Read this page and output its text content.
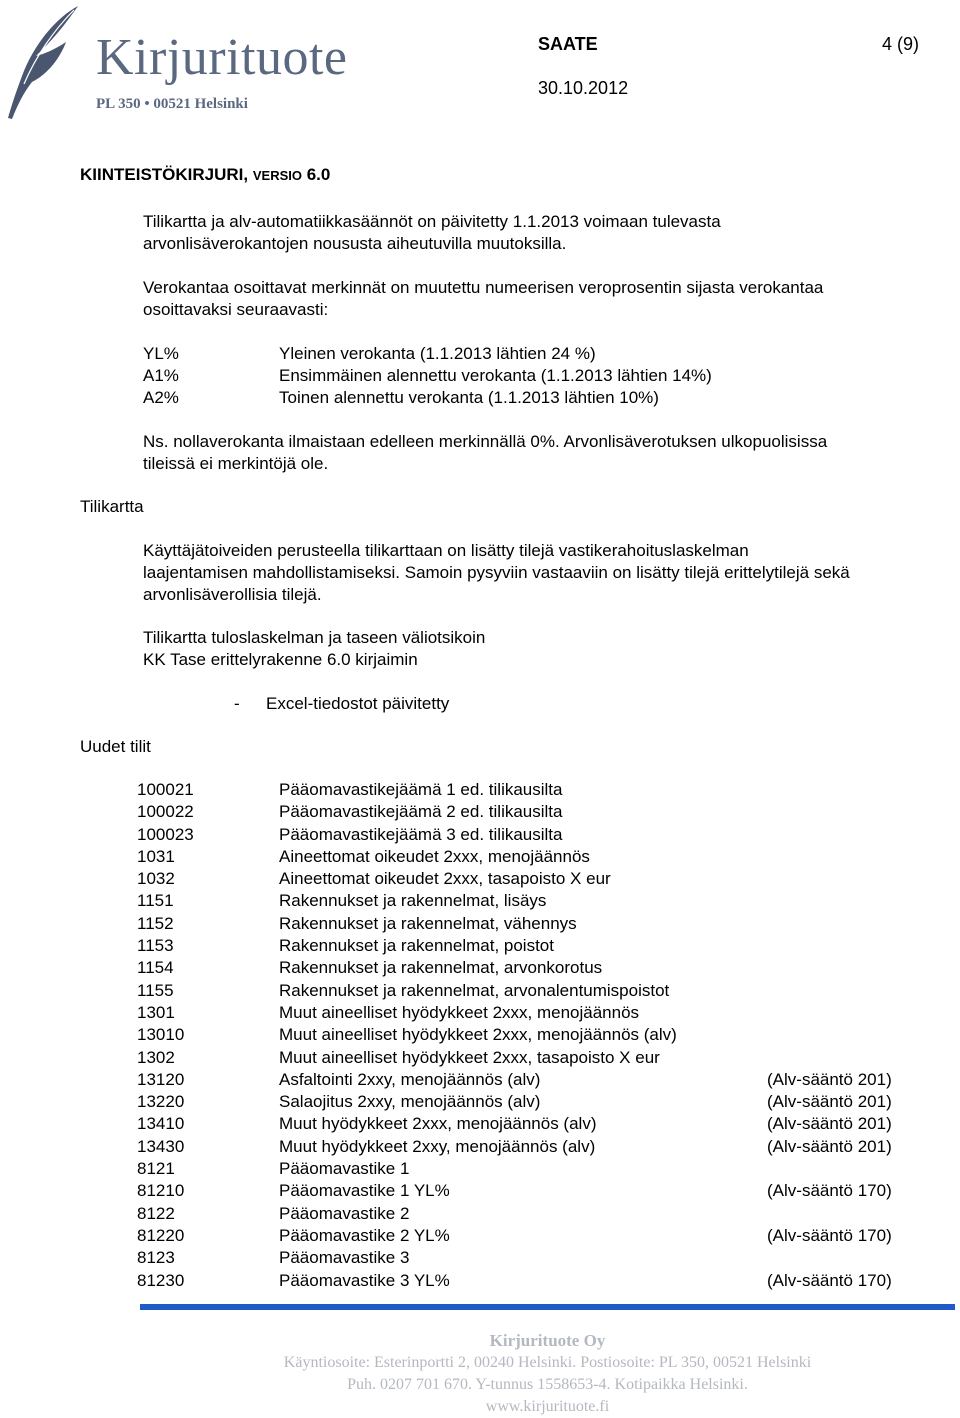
Kirjurituote
PL 350 • 00521 Helsinki
SAATE	4 (9)
30.10.2012
KIINTEISTÖKIRJURI, VERSIO 6.0
Tilikartta ja alv-automatiikkasäännöt on päivitetty 1.1.2013 voimaan tulevasta
arvonlisäverokantojen noususta aiheutuvilla muutoksilla.
Verokantaa osoittavat merkinnät on muutettu numeerisen veroprosentin sijasta verokantaa
osoittavaksi seuraavasti:
YL%	Yleinen verokanta (1.1.2013 lähtien 24 %)
A1%	Ensimmäinen alennettu verokanta (1.1.2013 lähtien 14%)
A2%	Toinen alennettu verokanta (1.1.2013 lähtien 10%)
Ns. nollaverokanta ilmaistaan edelleen merkinnällä 0%. Arvonlisäverotuksen ulkopuolisissa
tileissä ei merkintöjä ole.
Tilikartta
Uudet tilit
Käyttäjätoiveiden perusteella tilikarttaan on lisätty tilejä vastikerahoituslaskelman
laajentamisen mahdollistamiseksi. Samoin pysyviin vastaaviin on lisätty tilejä erittelytilejä sekä
arvonlisäverollisia tilejä.
Tilikartta tuloslaskelman ja taseen väliotsikoin
KK Tase erittelyrakenne 6.0 kirjaimin
- Excel-tiedostot päivitetty
100021	Pääomavastikejäämä 1 ed. tilikausilta
100022	Pääomavastikejäämä 2 ed. tilikausilta
100023	Pääomavastikejäämä 3 ed. tilikausilta
1031	Aineettomat oikeudet 2xxx, menojäännös
1032	Aineettomat oikeudet 2xxx, tasapoisto X eur
1151	Rakennukset ja rakennelmat, lisäys
1152	Rakennukset ja rakennelmat, vähennys
1153	Rakennukset ja rakennelmat, poistot
1154	Rakennukset ja rakennelmat, arvonkorotus
1155	Rakennukset ja rakennelmat, arvonalentumispoistot
1301	Muut aineelliset hyödykkeet 2xxx, menojäännös
13010	Muut aineelliset hyödykkeet 2xxx, menojäännös (alv)
1302	Muut aineelliset hyödykkeet 2xxx, tasapoisto X eur
13120	Asfaltointi 2xxy, menojäännös (alv)	(Alv-sääntö 201)
13220	Salaojitus 2xxy, menojäännös (alv)	(Alv-sääntö 201)
13410	Muut hyödykkeet 2xxx, menojäännös (alv)	(Alv-sääntö 201)
13430	Muut hyödykkeet 2xxy, menojäännös (alv)	(Alv-sääntö 201)
8121	Pääomavastike 1
81210	Pääomavastike 1 YL%	(Alv-sääntö 170)
8122	Pääomavastike 2
81220	Pääomavastike 2 YL%	(Alv-sääntö 170)
8123	Pääomavastike 3
81230	Pääomavastike 3 YL%	(Alv-sääntö 170)
Kirjurituote Oy
Käyntiosoite: Esterinportti 2, 00240 Helsinki. Postiosoite: PL 350, 00521 Helsinki
Puh. 0207 701 670. Y-tunnus 1558653-4. Kotipaikka Helsinki.
www.kirjurituote.fi
